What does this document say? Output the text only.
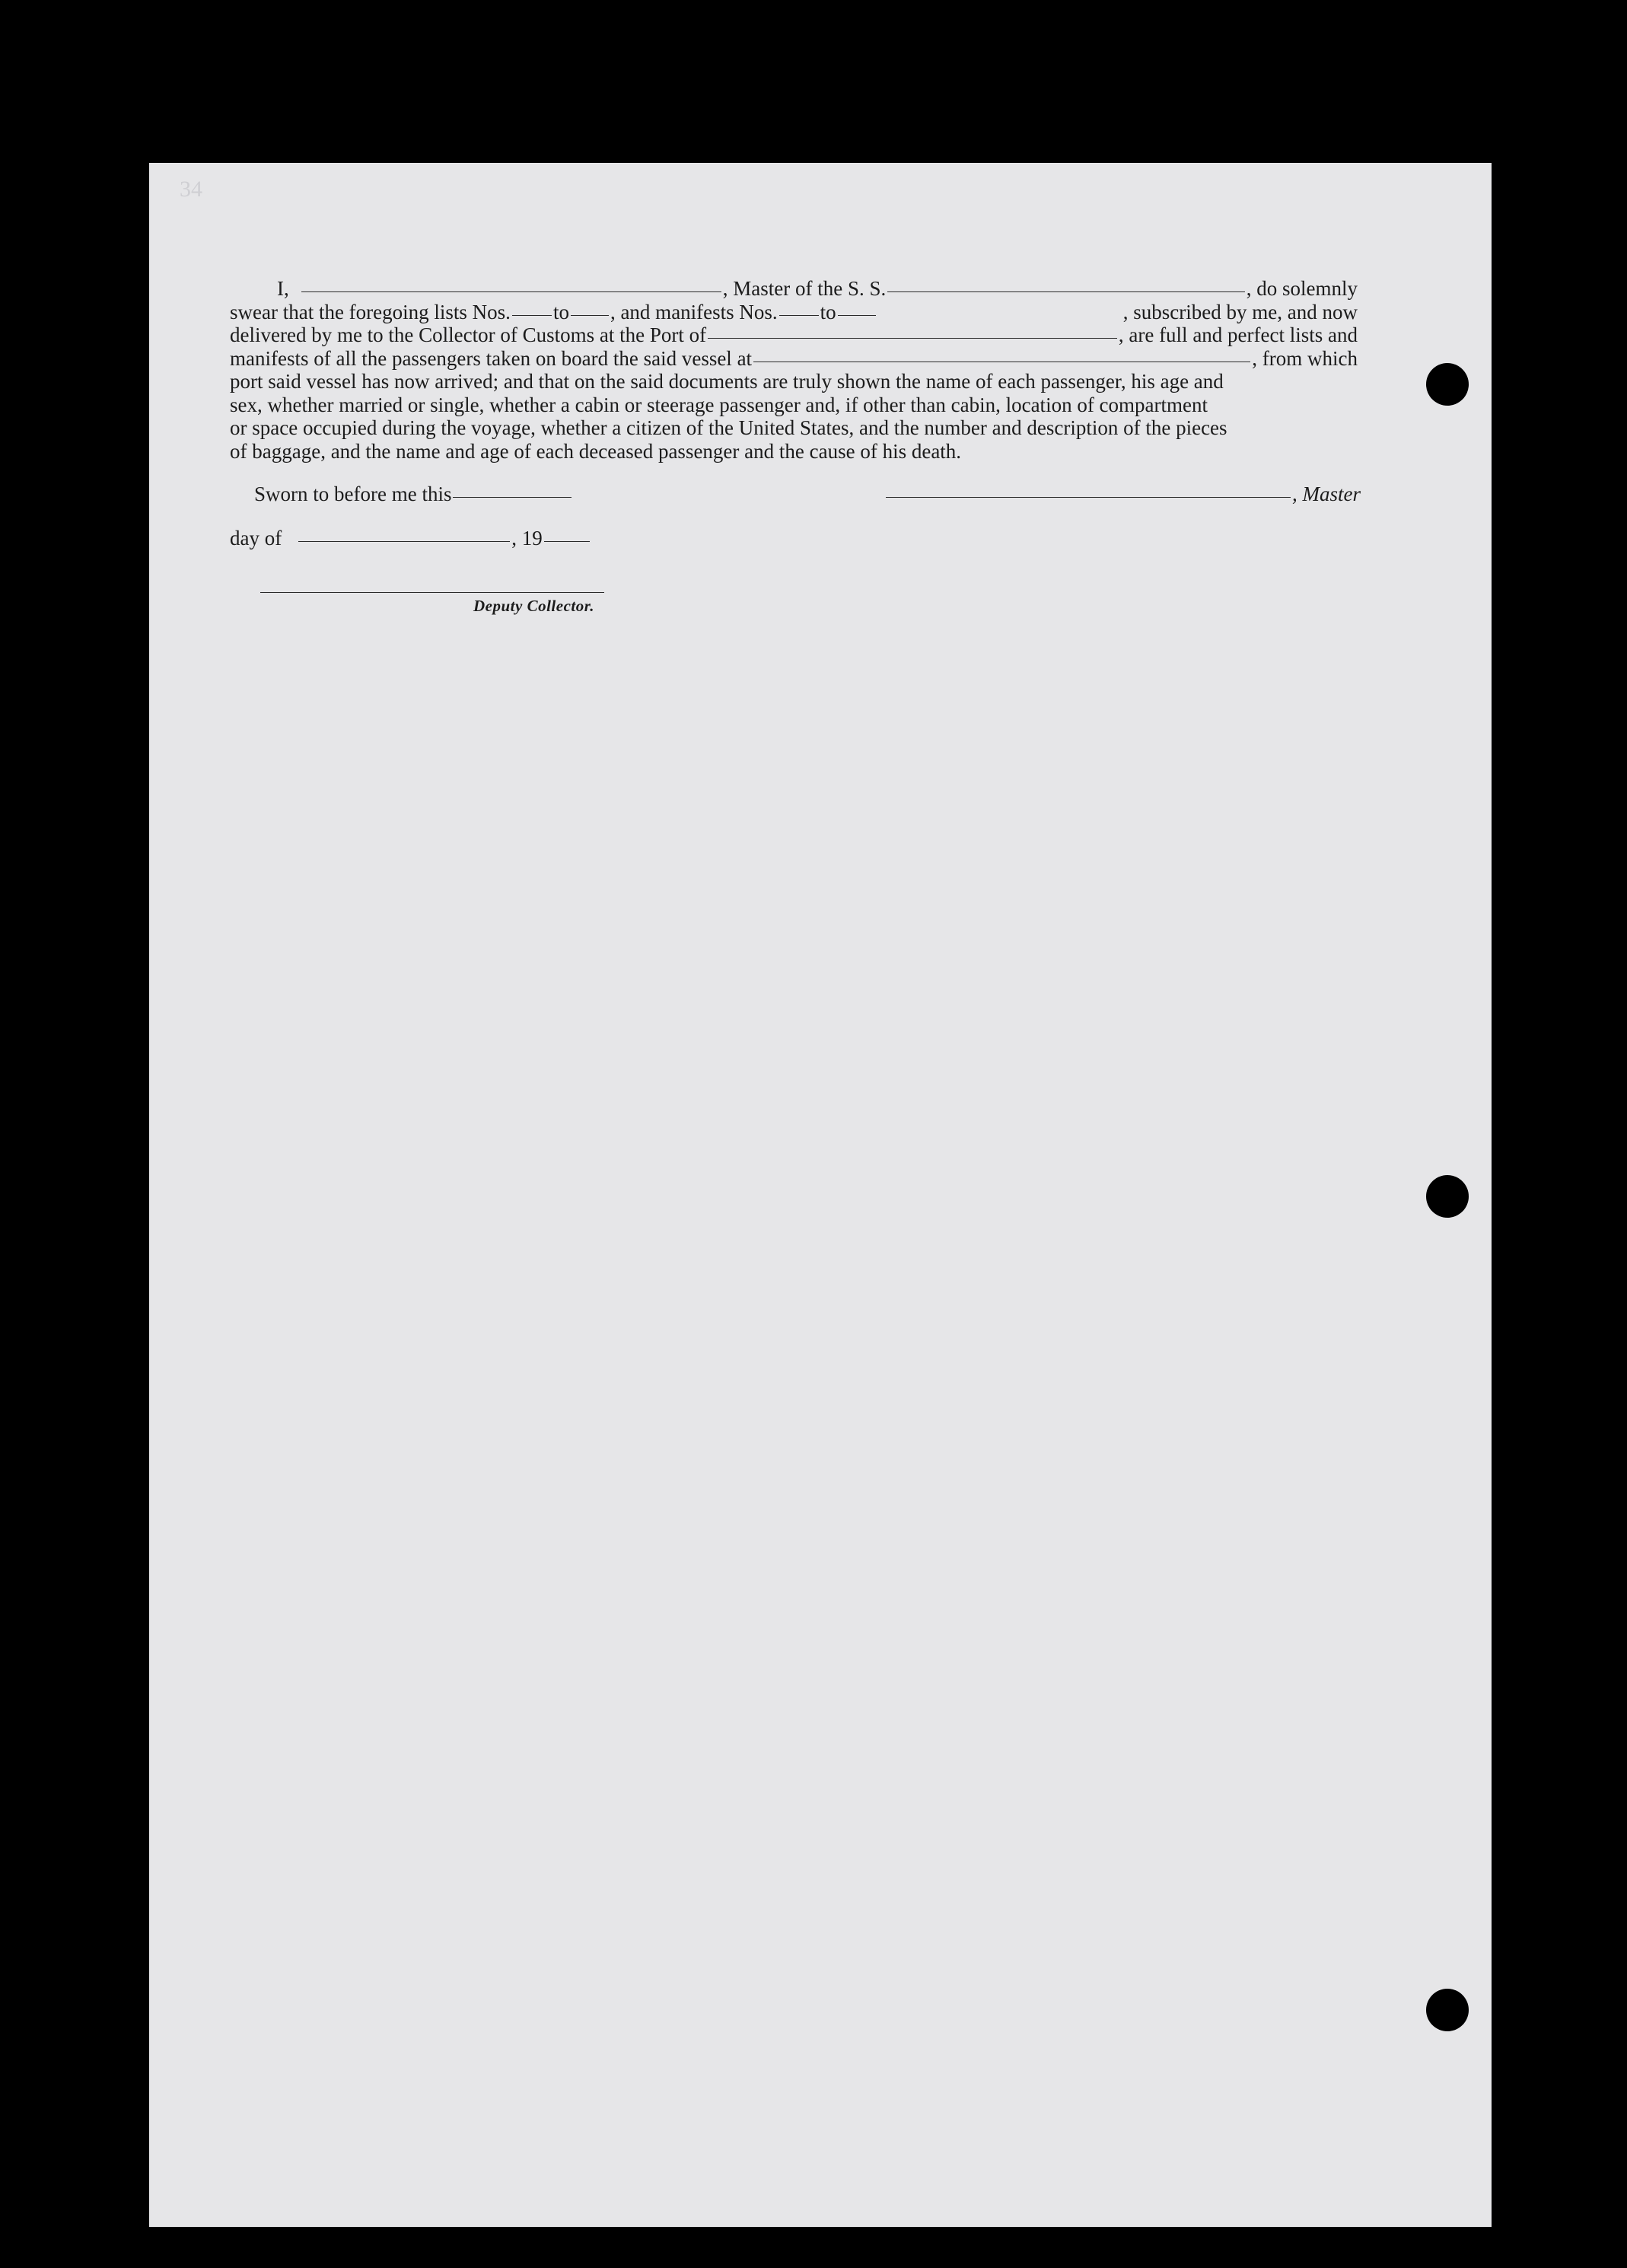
34
I,	, Master of the S. S.	, do solemnly
swear that the foregoing lists Nos. to , and manifests Nos. to	, subscribed by me, and now
delivered by me to the Collector of Customs at the Port of	, are full and perfect lists and
manifests of all the passengers taken on board the said vessel at	, from which
port said vessel has now arrived; and that on the said documents are truly shown the name of each passenger, his age and
sex, whether married or single, whether a cabin or steerage passenger and, if other than cabin, location of compartment
or space occupied during the voyage, whether a citizen of the United States, and the number and description of the pieces
of baggage, and the name and age of each deceased passenger and the cause of his death.
Sworn to before me this	, Master
day of	, 19
Deputy Collector.
